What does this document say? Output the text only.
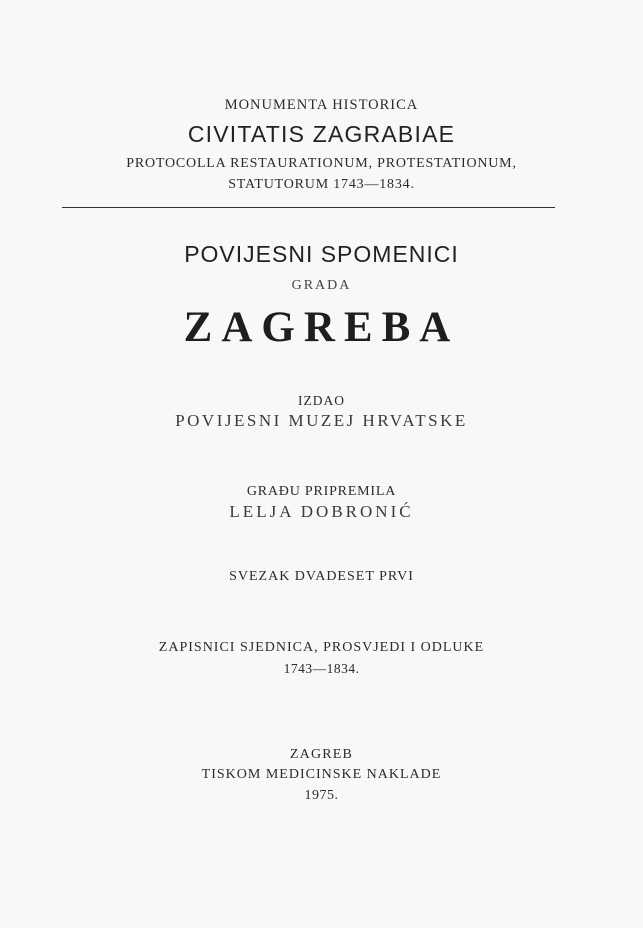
MONUMENTA HISTORICA
CIVITATIS ZAGRABIAE
PROTOCOLLA RESTAURATIONUM, PROTESTATIONUM,
STATUTORUM 1743—1834.
POVIJESNI SPOMENICI
GRADA
ZAGREBA
IZDAO
POVIJESNI MUZEJ HRVATSKE
GRAĐU PRIPREMILA
LELJA DOBRONIĆ
SVEZAK DVADESET PRVI
ZAPISNICI SJEDNICA, PROSVJEDI I ODLUKE
1743—1834.
ZAGREB
TISKOM MEDICINSKE NAKLADE
1975.
